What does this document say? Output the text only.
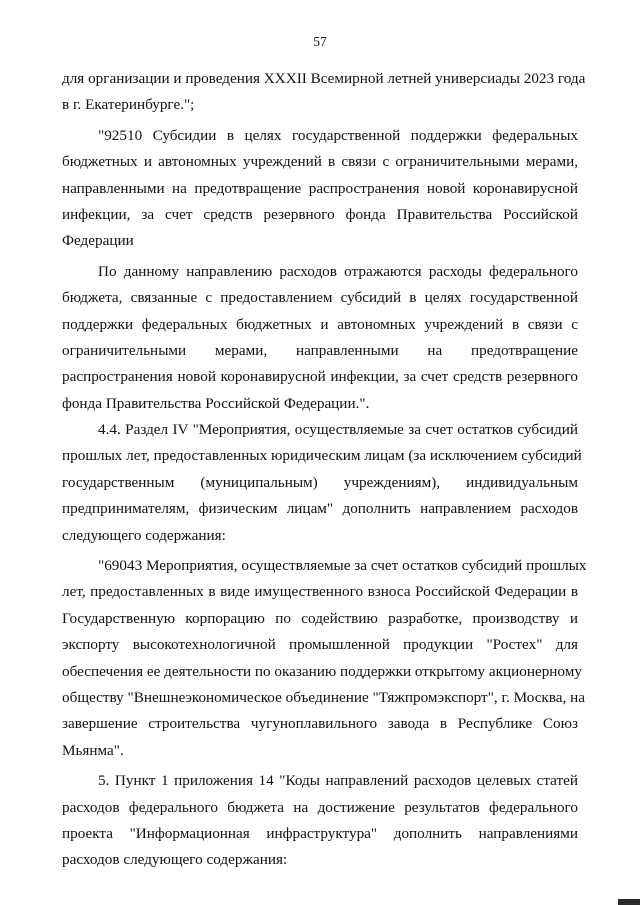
57
для организации и проведения XXXII Всемирной летней универсиады 2023 года
в г. Екатеринбурге.";
"92510 Субсидии в целях государственной поддержки федеральных
бюджетных и автономных учреждений в связи с ограничительными мерами,
направленными на предотвращение распространения новой коронавирусной
инфекции, за счет средств резервного фонда Правительства Российской
Федерации
По данному направлению расходов отражаются расходы федерального
бюджета, связанные с предоставлением субсидий в целях государственной
поддержки федеральных бюджетных и автономных учреждений в связи с
ограничительными мерами, направленными на предотвращение
распространения новой коронавирусной инфекции, за счет средств резервного
фонда Правительства Российской Федерации.".
4.4. Раздел IV "Мероприятия, осуществляемые за счет остатков субсидий
прошлых лет, предоставленных юридическим лицам (за исключением субсидий
государственным (муниципальным) учреждениям), индивидуальным
предпринимателям, физическим лицам" дополнить направлением расходов
следующего содержания:
"69043 Мероприятия, осуществляемые за счет остатков субсидий прошлых
лет, предоставленных в виде имущественного взноса Российской Федерации в
Государственную корпорацию по содействию разработке, производству и
экспорту высокотехнологичной промышленной продукции "Ростех" для
обеспечения ее деятельности по оказанию поддержки открытому акционерному
обществу "Внешнеэкономическое объединение "Тяжпромэкспорт", г. Москва, на
завершение строительства чугуноплавильного завода в Республике Союз
Мьянма".
5. Пункт 1 приложения 14 "Коды направлений расходов целевых статей
расходов федерального бюджета на достижение результатов федерального
проекта "Информационная инфраструктура" дополнить направлениями
расходов следующего содержания:
